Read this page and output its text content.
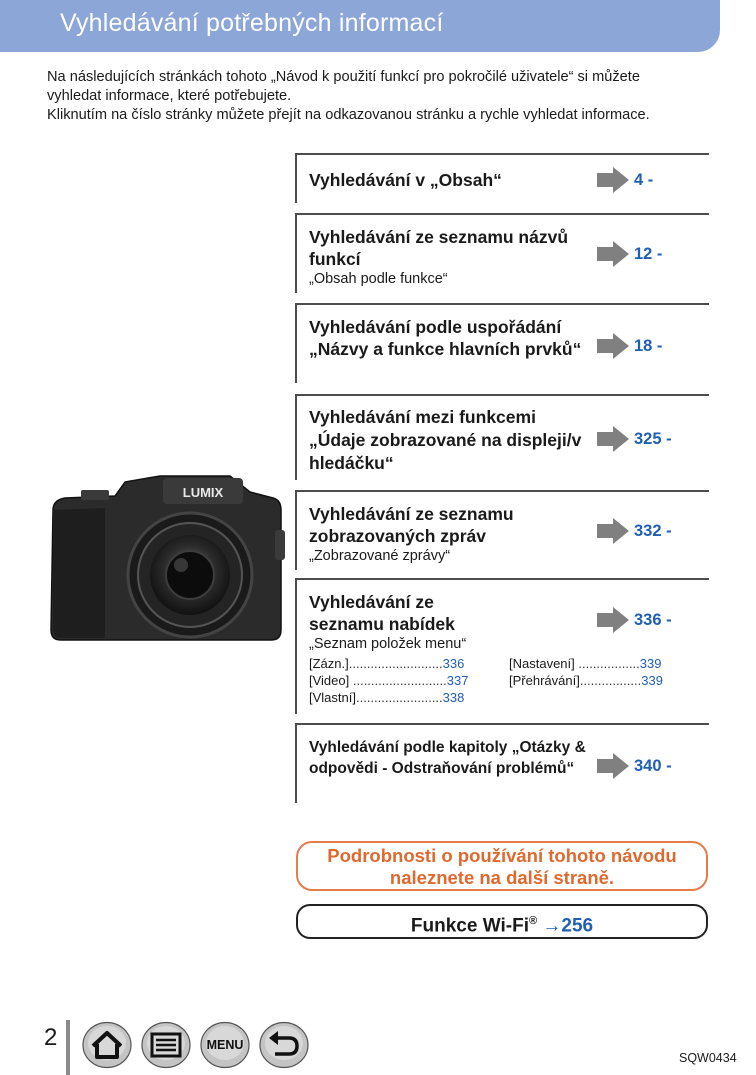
Vyhledávání potřebných informací

Na následujících stránkách tohoto „Návod k použití funkcí pro pokročilé uživatele“ si můžete vyhledat informace, které potřebujete.

Kliknutím na číslo stránky můžete přejít na odkazovanou stránku a rychle vyhledat informace.

Vyhledávání v „Obsah“	4 -
Vyhledávání ze seznamu názvů funkcí
„Obsah podle funkce“
12 -
Vyhledávání podle uspořádání „Názvy a funkce hlavních prvků“	18 -
Vyhledávání mezi funkcemi „Údaje zobrazované na displeji/v hledáčku“
325 -
Vyhledávání ze seznamu zobrazovaných zpráv
„Zobrazované zprávy“
332 -
Vyhledávání ze seznamu nabídek
„Seznam položek menu“
336 -
[Zázn.]..........................336	[Nastavení] .................339
[Video] ..........................337	[Přehrávání].................339
[Vlastní]........................338
Vyhledávání podle kapitoly „Otázky & odpovědi - Odstraňování problémů“	340 -
LUMIX
Podrobnosti o používání tohoto návodu
naleznete na další straně.
Funkce Wi-Fi® →256
2	MENU
SQW0434
